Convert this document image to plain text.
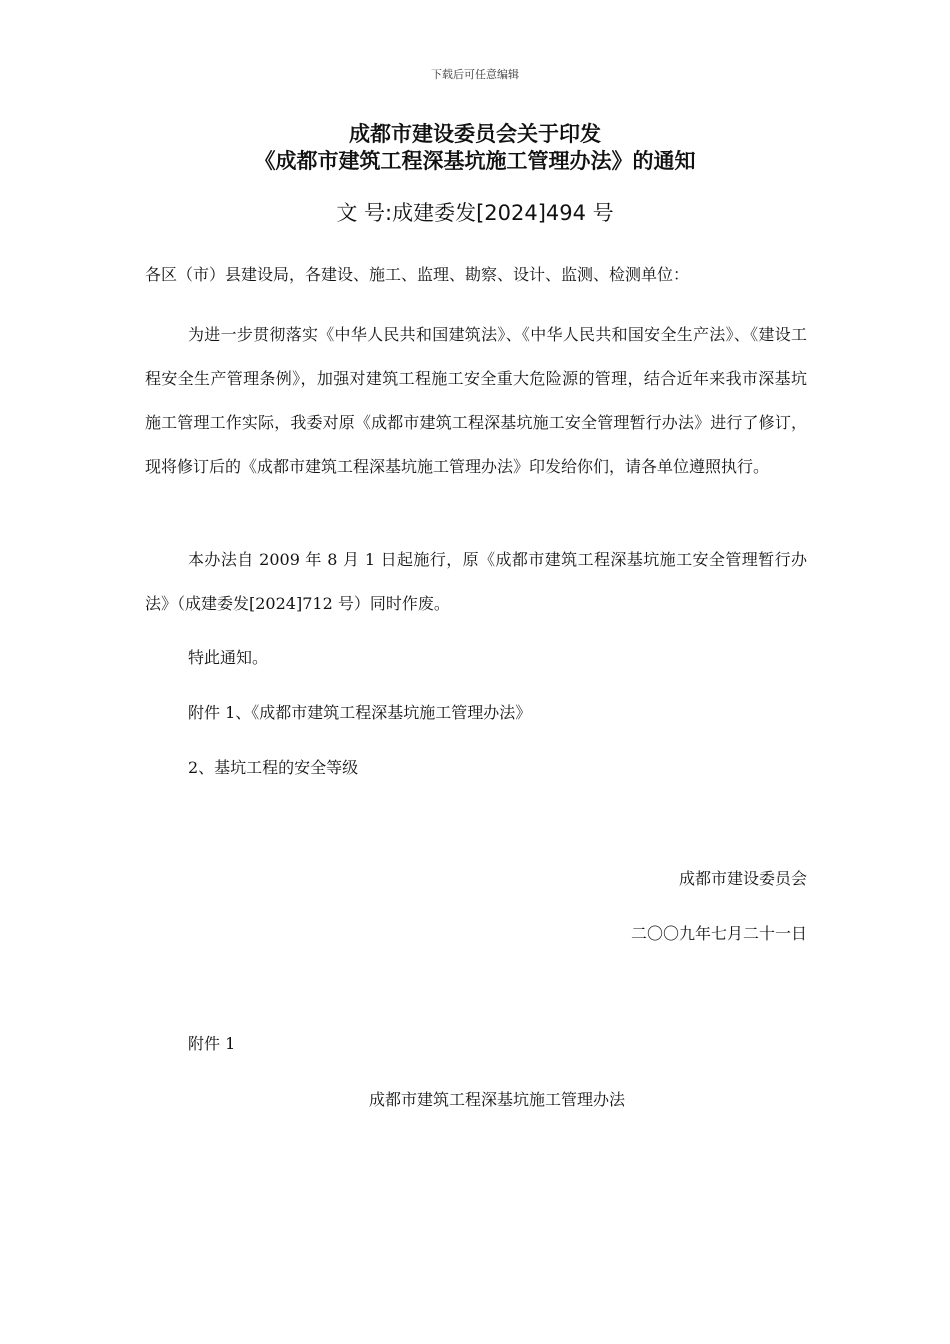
下载后可任意编辑
成都市建设委员会关于印发
《成都市建筑工程深基坑施工管理办法》的通知
文 号:成建委发[2024]494 号
各区（市）县建设局，各建设、施工、监理、勘察、设计、监测、检测单位：

为进一步贯彻落实《中华人民共和国建筑法》、《中华人民共和国安全生产法》、《建设工程安全生产管理条例》，加强对建筑工程施工安全重大危险源的管理，结合近年来我市深基坑施工管理工作实际，我委对原《成都市建筑工程深基坑施工安全管理暂行办法》进行了修订，现将修订后的《成都市建筑工程深基坑施工管理办法》印发给你们，请各单位遵照执行。

本办法自 2009 年 8 月 1 日起施行，原《成都市建筑工程深基坑施工安全管理暂行办法》（成建委发[2024]712 号）同时作废。

特此通知。
附件 1、《成都市建筑工程深基坑施工管理办法》
2、基坑工程的安全等级
成都市建设委员会
二〇〇九年七月二十一日
附件 1
成都市建筑工程深基坑施工管理办法
